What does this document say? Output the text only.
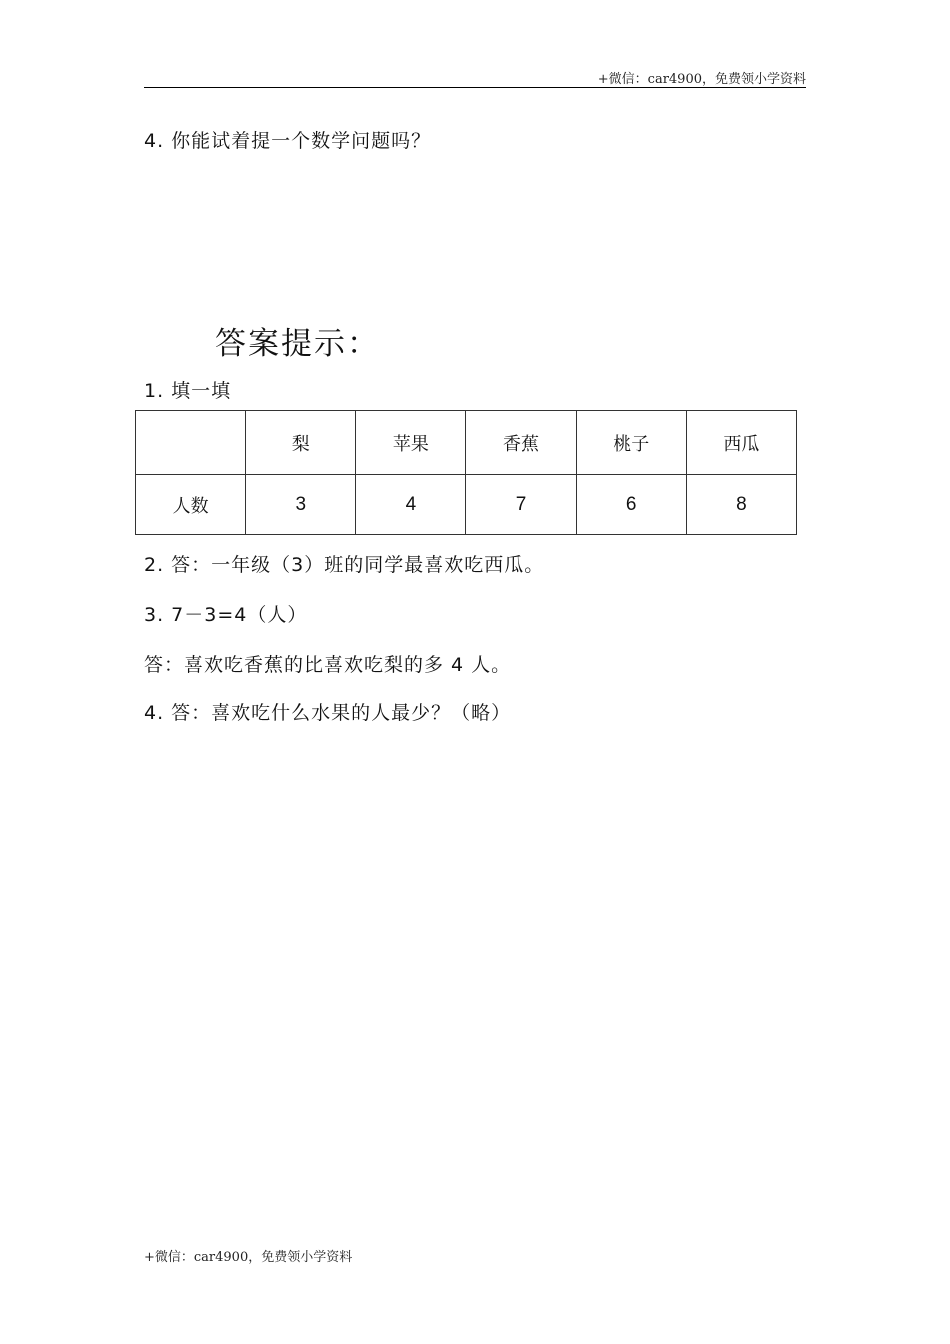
+微信：car4900，免费领小学资料
4. 你能试着提一个数学问题吗？
答案提示：
1. 填一填
	梨	苹果	香蕉	桃子	西瓜
人数	3	4	7	6	8
2. 答：一年级（3）班的同学最喜欢吃西瓜。
3. 7－3=4（人）
答：喜欢吃香蕉的比喜欢吃梨的多 4 人。
4. 答：喜欢吃什么水果的人最少？（略）
+微信：car4900，免费领小学资料
